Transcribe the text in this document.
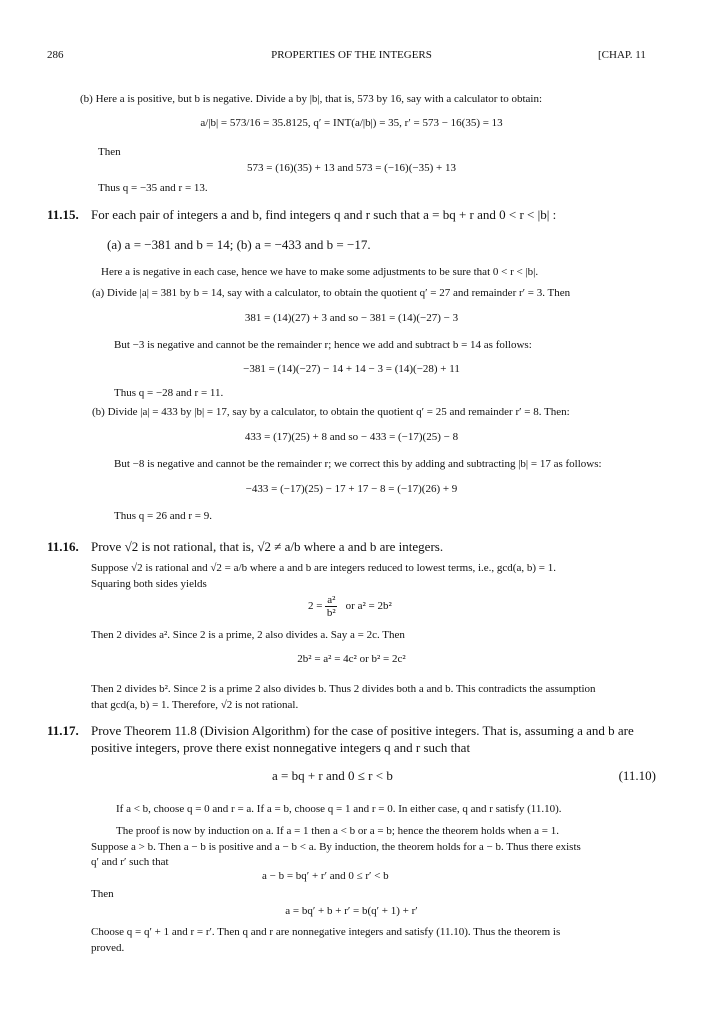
286	PROPERTIES OF THE INTEGERS	[CHAP. 11
(b) Here a is positive, but b is negative. Divide a by |b|, that is, 573 by 16, say with a calculator to obtain:
a/|b| = 573/16 = 35.8125, q′ = INT(a/|b|) = 35, r′ = 573 − 16(35) = 13
Then
573 = (16)(35) + 13 and 573 = (−16)(−35) + 13
Thus q = −35 and r = 13.
11.15. For each pair of integers a and b, find integers q and r such that a = bq + r and 0 < r < |b| :
(a) a = −381 and b = 14; (b) a = −433 and b = −17.
Here a is negative in each case, hence we have to make some adjustments to be sure that 0 < r < |b|.
(a) Divide |a| = 381 by b = 14, say with a calculator, to obtain the quotient q′ = 27 and remainder r′ = 3. Then
381 = (14)(27) + 3 and so − 381 = (14)(−27) − 3
But −3 is negative and cannot be the remainder r; hence we add and subtract b = 14 as follows:
−381 = (14)(−27) − 14 + 14 − 3 = (14)(−28) + 11
Thus q = −28 and r = 11.
(b) Divide |a| = 433 by |b| = 17, say by a calculator, to obtain the quotient q′ = 25 and remainder r′ = 8. Then:
433 = (17)(25) + 8 and so − 433 = (−17)(25) − 8
But −8 is negative and cannot be the remainder r; we correct this by adding and subtracting |b| = 17 as follows:
−433 = (−17)(25) − 17 + 17 − 8 = (−17)(26) + 9
Thus q = 26 and r = 9.
11.16. Prove √2 is not rational, that is, √2 ≠ a/b where a and b are integers.
Suppose √2 is rational and √2 = a/b where a and b are integers reduced to lowest terms, i.e., gcd(a, b) = 1.
Squaring both sides yields
$2 = \frac{\text{a²}}{\text{b²}}$ or a² = 2b²
Then 2 divides a². Since 2 is a prime, 2 also divides a. Say a = 2c. Then
2b² = a² = 4c² or b² = 2c²
Then 2 divides b². Since 2 is a prime 2 also divides b. Thus 2 divides both a and b. This contradicts the assumption
that gcd(a, b) = 1. Therefore, √2 is not rational.
11.17. Prove Theorem 11.8 (Division Algorithm) for the case of positive integers. That is, assuming a and b are
positive integers, prove there exist nonnegative integers q and r such that
a = bq + r and 0 ≤ r < b	(11.10)
If a < b, choose q = 0 and r = a. If a = b, choose q = 1 and r = 0. In either case, q and r satisfy (11.10).
The proof is now by induction on a. If a = 1 then a < b or a = b; hence the theorem holds when a = 1.
Suppose a > b. Then a − b is positive and a − b < a. By induction, the theorem holds for a − b. Thus there exists
q′ and r′ such that
a − b = bq′ + r′ and 0 ≤ r′ < b
Then
a = bq′ + b + r′ = b(q′ + 1) + r′
Choose q = q′ + 1 and r = r′. Then q and r are nonnegative integers and satisfy (11.10). Thus the theorem is
proved.
